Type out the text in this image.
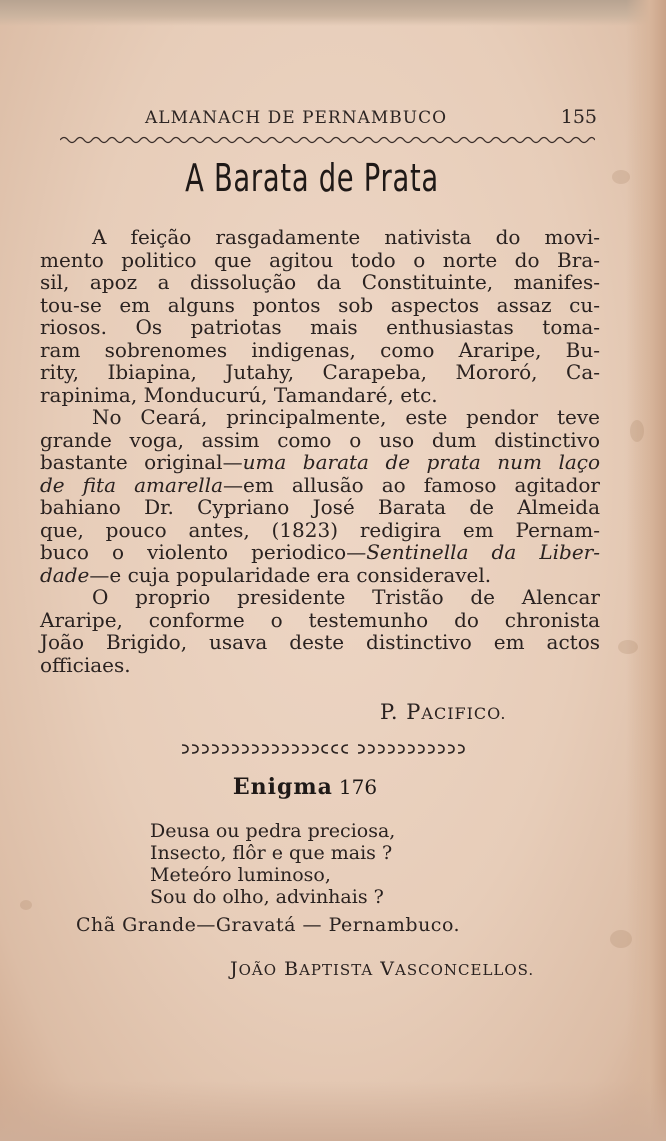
ALMANACH DE PERNAMBUCO	155
A Barata de Prata
A feição rasgadamente nativista do movi-
mento politico que agitou todo o norte do Bra-
sil, apoz a dissolução da Constituinte, manifes-
tou-se em alguns pontos sob aspectos assaz cu-
riosos. Os patriotas mais enthusiastas toma-
ram sobrenomes indigenas, como Araripe, Bu-
rity, Ibiapina, Jutahy, Carapeba, Mororó, Ca-
rapinima, Monducurú, Tamandaré, etc.
No Ceará, principalmente, este pendor teve
grande voga, assim como o uso dum distinctivo
bastante original—uma barata de prata num laço
de fita amarella—em allusão ao famoso agitador
bahiano Dr. Cypriano José Barata de Almeida
que, pouco antes, (1823) redigira em Pernam-
buco o violento periodico—Sentinella da Liber-
dade—e cuja popularidade era consideravel.
O proprio presidente Tristão de Alencar
Araripe, conforme o testemunho do chronista
João Brigido, usava deste distinctivo em actos
officiaes.
P. PACIFICO.
Enigma 176
Deusa ou pedra preciosa,
Insecto, flôr e que mais ?
Meteóro luminoso,
Sou do olho, advinhais ?
Chã Grande—Gravatá — Pernambuco.
JOÃO BAPTISTA VASCONCELLOS.
